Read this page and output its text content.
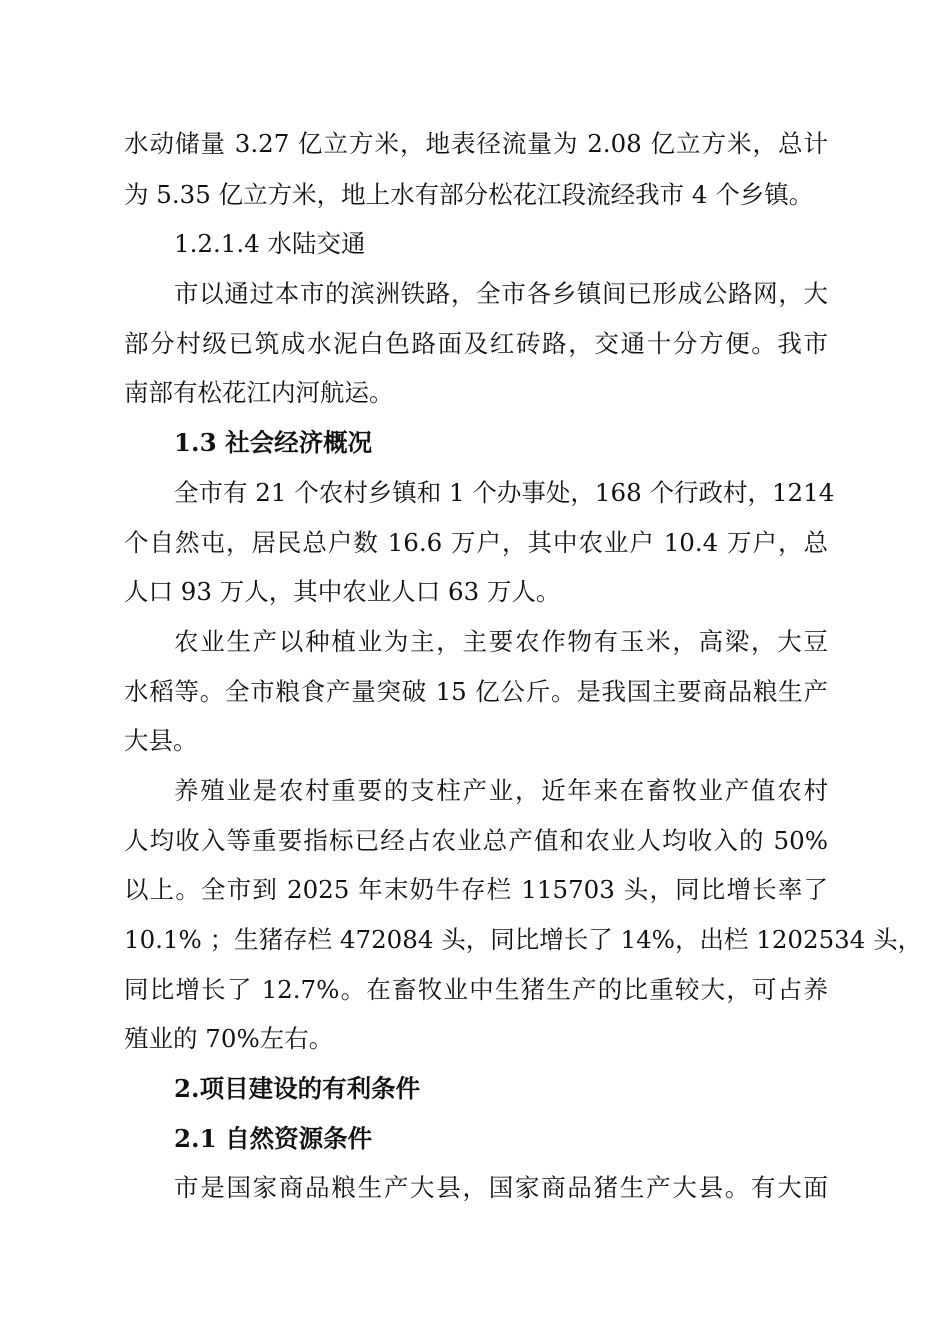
水动储量 3.27 亿立方米，地表径流量为 2.08 亿立方米，总计
为 5.35 亿立方米，地上水有部分松花江段流经我市 4 个乡镇。
1.2.1.4 水陆交通
市以通过本市的滨洲铁路，全市各乡镇间已形成公路网，大
部分村级已筑成水泥白色路面及红砖路，交通十分方便。我市
南部有松花江内河航运。
1.3 社会经济概况
全市有 21 个农村乡镇和 1 个办事处，168 个行政村，1214
个自然屯，居民总户数 16.6 万户，其中农业户 10.4 万户，总
人口 93 万人，其中农业人口 63 万人。
农业生产以种植业为主，主要农作物有玉米，高梁，大豆
水稻等。全市粮食产量突破 15 亿公斤。是我国主要商品粮生产
大县。
养殖业是农村重要的支柱产业，近年来在畜牧业产值农村
人均收入等重要指标已经占农业总产值和农业人均收入的 50%
以上。全市到 2025 年末奶牛存栏 115703 头，同比增长率了
10.1% ；生猪存栏 472084 头，同比增长了 14%，出栏 1202534 头，
同比增长了 12.7%。在畜牧业中生猪生产的比重较大，可占养
殖业的 70%左右。
2.项目建设的有利条件
2.1 自然资源条件
市是国家商品粮生产大县，国家商品猪生产大县。有大面
